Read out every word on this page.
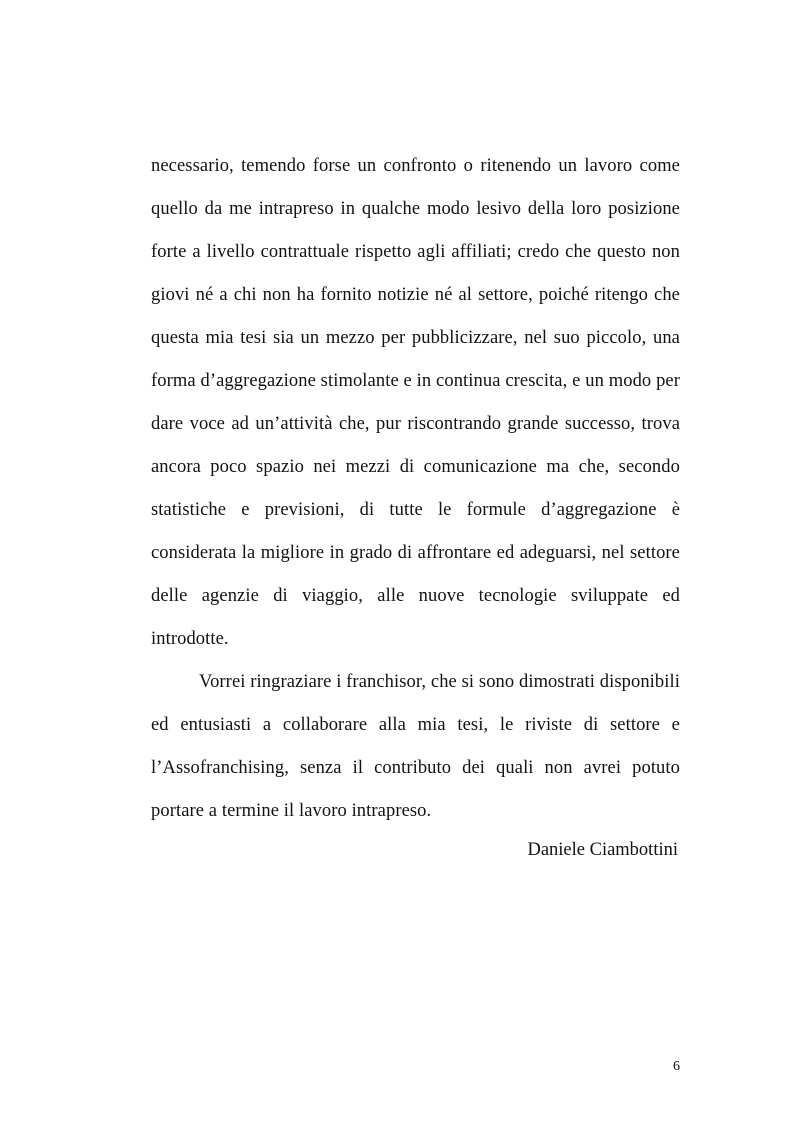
necessario, temendo forse un confronto o ritenendo un lavoro come quello da me intrapreso in qualche modo lesivo della loro posizione forte a livello contrattuale rispetto agli affiliati; credo che questo non giovi né a chi non ha fornito notizie né al settore, poiché ritengo che questa mia tesi sia un mezzo per pubblicizzare, nel suo piccolo, una forma d’aggregazione stimolante e in continua crescita, e un modo per dare voce ad un’attività che, pur riscontrando grande successo, trova ancora poco spazio nei mezzi di comunicazione ma che, secondo statistiche e previsioni, di tutte le formule d’aggregazione è considerata la migliore in grado di affrontare ed adeguarsi, nel settore delle agenzie di viaggio, alle nuove tecnologie sviluppate ed introdotte.

Vorrei ringraziare i franchisor, che si sono dimostrati disponibili ed entusiasti a collaborare alla mia tesi, le riviste di settore e l’Assofranchising, senza il contributo dei quali non avrei potuto portare a termine il lavoro intrapreso.

Daniele Ciambottini
6
